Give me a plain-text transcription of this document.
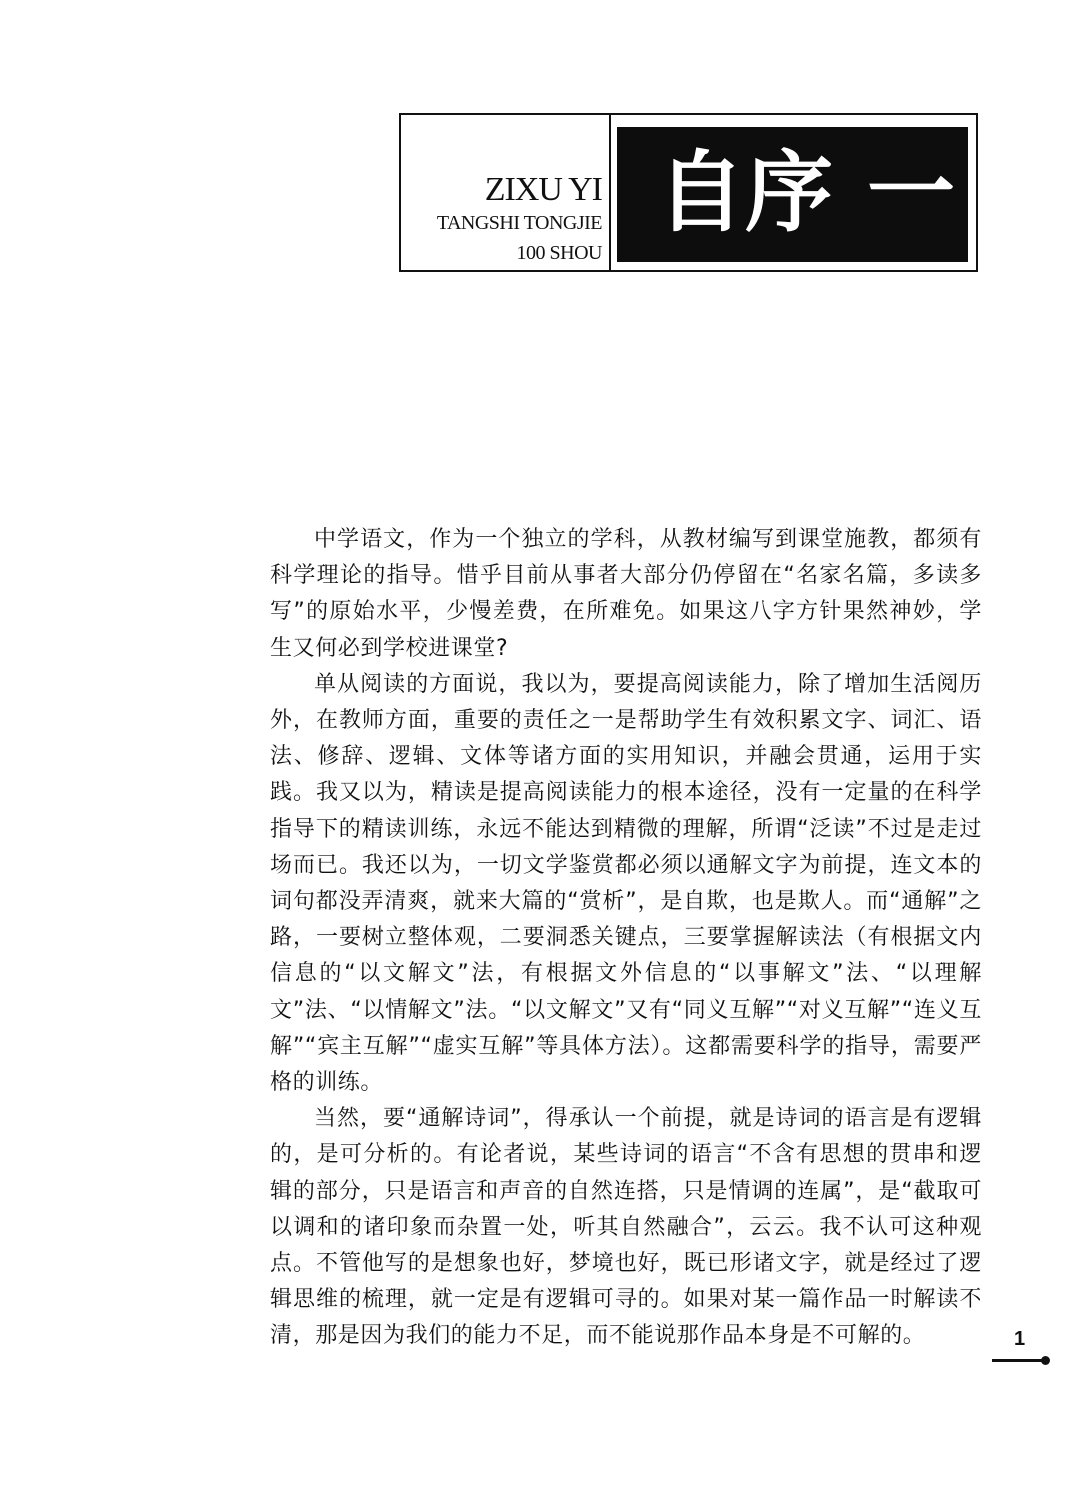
ZIXU YI
TANGSHI TONGJIE
100 SHOU
自序 一

中学语文，作为一个独立的学科，从教材编写到课堂施教，都须有科学理论的指导。惜乎目前从事者大部分仍停留在“名家名篇，多读多写”的原始水平，少慢差费，在所难免。如果这八字方针果然神妙，学生又何必到学校进课堂?

单从阅读的方面说，我以为，要提高阅读能力，除了增加生活阅历外，在教师方面，重要的责任之一是帮助学生有效积累文字、词汇、语法、修辞、逻辑、文体等诸方面的实用知识，并融会贯通，运用于实践。我又以为，精读是提高阅读能力的根本途径，没有一定量的在科学指导下的精读训练，永远不能达到精微的理解，所谓“泛读”不过是走过场而已。我还以为，一切文学鉴赏都必须以通解文字为前提，连文本的词句都没弄清爽，就来大篇的“赏析”，是自欺，也是欺人。而“通解”之路，一要树立整体观，二要洞悉关键点，三要掌握解读法（有根据文内信息的“以文解文”法，有根据文外信息的“以事解文”法、“以理解文”法、“以情解文”法。“以文解文”又有“同义互解”“对义互解”“连义互解”“宾主互解”“虚实互解”等具体方法）。这都需要科学的指导，需要严格的训练。

当然，要“通解诗词”，得承认一个前提，就是诗词的语言是有逻辑的，是可分析的。有论者说，某些诗词的语言“不含有思想的贯串和逻辑的部分，只是语言和声音的自然连搭，只是情调的连属”，是“截取可以调和的诸印象而杂置一处，听其自然融合”，云云。我不认可这种观点。不管他写的是想象也好，梦境也好，既已形诸文字，就是经过了逻辑思维的梳理，就一定是有逻辑可寻的。如果对某一篇作品一时解读不清，那是因为我们的能力不足，而不能说那作品本身是不可解的。	1
